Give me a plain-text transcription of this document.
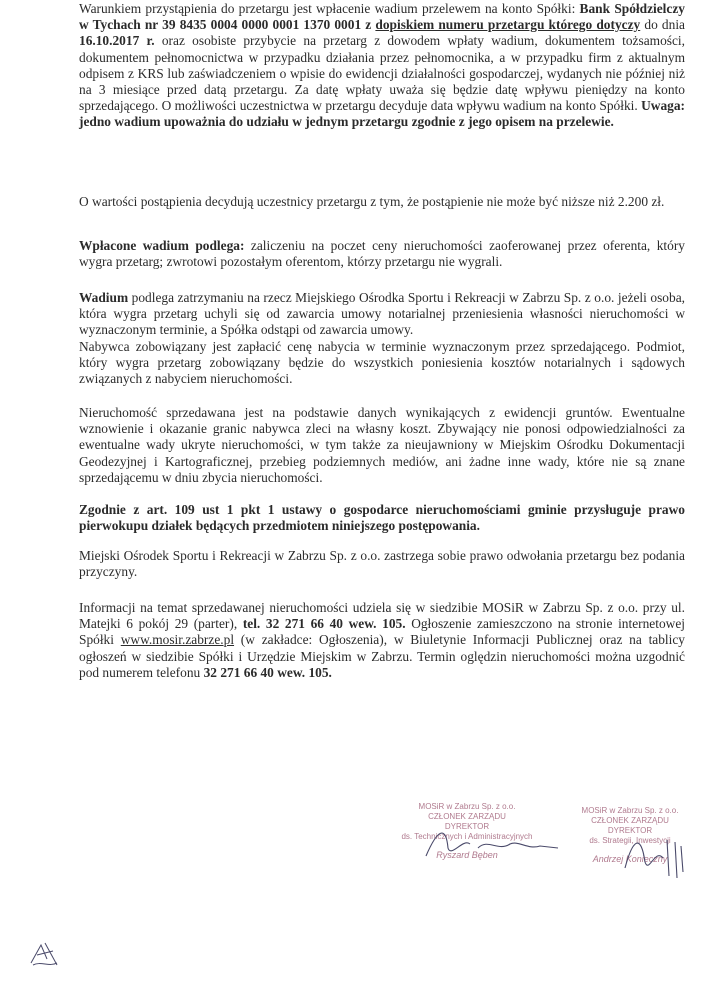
Warunkiem przystąpienia do przetargu jest wpłacenie wadium przelewem na konto Spółki: Bank Spółdzielczy w Tychach nr 39 8435 0004 0000 0001 1370 0001 z dopiskiem numeru przetargu którego dotyczy do dnia 16.10.2017 r. oraz osobiste przybycie na przetarg z dowodem wpłaty wadium, dokumentem tożsamości, dokumentem pełnomocnictwa w przypadku działania przez pełnomocnika, a w przypadku firm z aktualnym odpisem z KRS lub zaświadczeniem o wpisie do ewidencji działalności gospodarczej, wydanych nie później niż na 3 miesiące przed datą przetargu. Za datę wpłaty uważa się będzie datę wpływu pieniędzy na konto sprzedającego. O możliwości uczestnictwa w przetargu decyduje data wpływu wadium na konto Spółki. Uwaga: jedno wadium upoważnia do udziału w jednym przetargu zgodnie z jego opisem na przelewie.
O wartości postąpienia decydują uczestnicy przetargu z tym, że postąpienie nie może być niższe niż 2.200 zł.
Wpłacone wadium podlega: zaliczeniu na poczet ceny nieruchomości zaoferowanej przez oferenta, który wygra przetarg; zwrotowi pozostałym oferentom, którzy przetargu nie wygrali.
Wadium podlega zatrzymaniu na rzecz Miejskiego Ośrodka Sportu i Rekreacji w Zabrzu Sp. z o.o. jeżeli osoba, która wygra przetarg uchyli się od zawarcia umowy notarialnej przeniesienia własności nieruchomości w wyznaczonym terminie, a Spółka odstąpi od zawarcia umowy.
Nabywca zobowiązany jest zapłacić cenę nabycia w terminie wyznaczonym przez sprzedającego. Podmiot, który wygra przetarg zobowiązany będzie do wszystkich poniesienia kosztów notarialnych i sądowych związanych z nabyciem nieruchomości.
Nieruchomość sprzedawana jest na podstawie danych wynikających z ewidencji gruntów. Ewentualne wznowienie i okazanie granic nabywca zleci na własny koszt. Zbywający nie ponosi odpowiedzialności za ewentualne wady ukryte nieruchomości, w tym także za nieujawniony w Miejskim Ośrodku Dokumentacji Geodezyjnej i Kartograficznej, przebieg podziemnych mediów, ani żadne inne wady, które nie są znane sprzedającemu w dniu zbycia nieruchomości.
Zgodnie z art. 109 ust 1 pkt 1 ustawy o gospodarce nieruchomościami gminie przysługuje prawo pierwokupu działek będących przedmiotem niniejszego postępowania.
Miejski Ośrodek Sportu i Rekreacji w Zabrzu Sp. z o.o. zastrzega sobie prawo odwołania przetargu bez podania przyczyny.
Informacji na temat sprzedawanej nieruchomości udziela się w siedzibie MOSiR w Zabrzu Sp. z o.o. przy ul. Matejki 6 pokój 29 (parter), tel. 32 271 66 40 wew. 105. Ogłoszenie zamieszczono na stronie internetowej Spółki www.mosir.zabrze.pl (w zakładce: Ogłoszenia), w Biuletynie Informacji Publicznej oraz na tablicy ogłoszeń w siedzibie Spółki i Urzędzie Miejskim w Zabrzu. Termin oględzin nieruchomości można uzgodnić pod numerem telefonu 32 271 66 40 wew. 105.
MOSiR w Zabrzu Sp. z o.o.
CZŁONEK ZARZĄDU
DYREKTOR
ds. Technicznych i Administracyjnych
Ryszard Bęben
MOSiR w Zabrzu Sp. z o.o.
CZŁONEK ZARZĄDU
DYREKTOR
ds. Strategii, Inwestycji
Andrzej Konieczny
